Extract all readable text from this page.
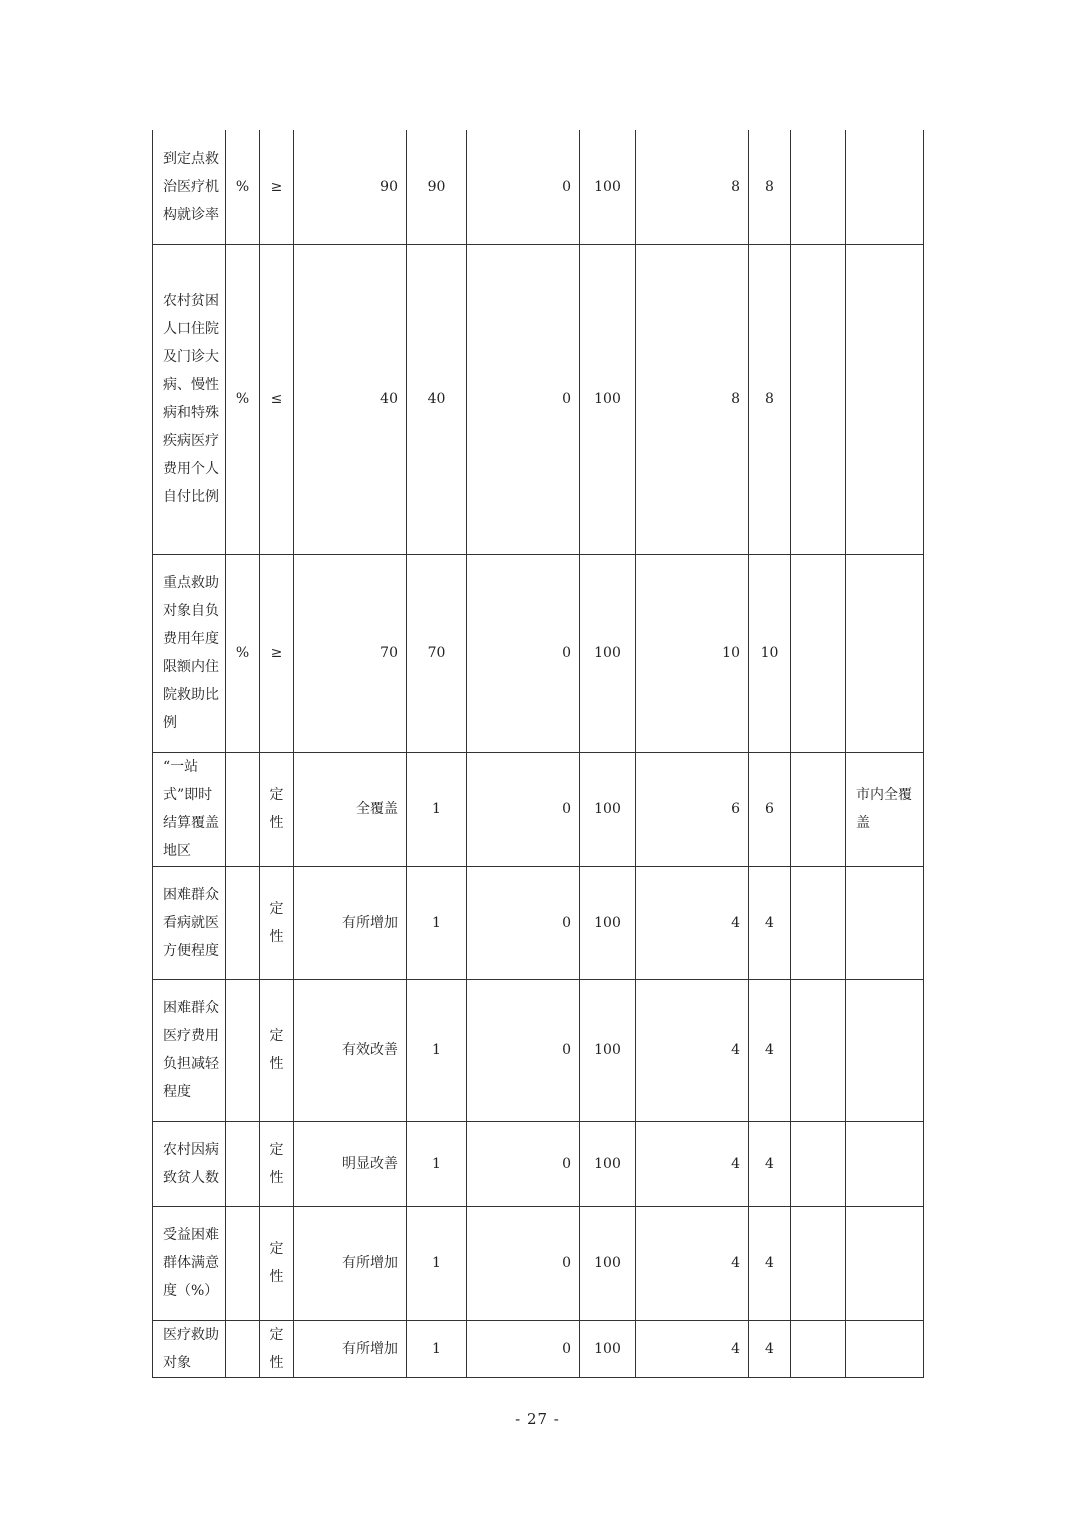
到定点救治医疗机构就诊率	%	≥	90	90	0	100	8	8		

农村贫困人口住院及门诊大病、慢性病和特殊疾病医疗费用个人自付比例	%	≤	40	40	0	100	8	8		

重点救助对象自负费用年度限额内住院救助比例	%	≥	70	70	0	100	10	10		

“一站式”即时结算覆盖地区		定性	全覆盖	1	0	100	6	6		市内全覆盖

困难群众看病就医方便程度		定性	有所增加	1	0	100	4	4		

困难群众医疗费用负担减轻程度		定性	有效改善	1	0	100	4	4		

农村因病致贫人数		定性	明显改善	1	0	100	4	4		

受益困难群体满意度（%）		定性	有所增加	1	0	100	4	4		

医疗救助对象		定性	有所增加	1	0	100	4	4		
- 27 -
